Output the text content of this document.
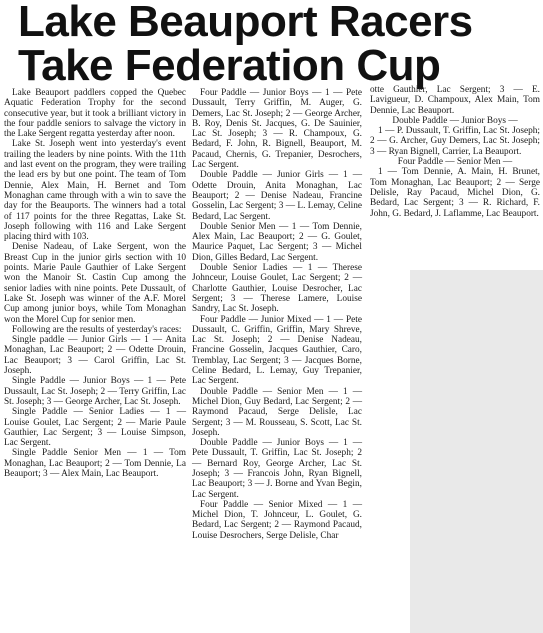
Lake Beauport Racers
Take Federation Cup

Lake Beauport paddlers copped the Quebec Aquatic Federation Trophy for the second consecutive year, but it took a brilliant victory in the four paddle seniors to salvage the victory in the Lake Sergent regatta yesterday after noon.

Lake St. Joseph went into yesterday's event trailing the leaders by nine points. With the 11th and last event on the program, they were trailing the lead ers by but one point. The team of Tom Dennie, Alex Main, H. Bernet and Tom Monaghan came through with a win to save the day for the Beauports. The winners had a total of 117 points for the three Regattas, Lake St. Joseph following with 116 and Lake Sergent placing third with 103.

Denise Nadeau, of Lake Sergent, won the Breast Cup in the junior girls section with 10 points. Marie Paule Gauthier of Lake Sergent won the Manoir St. Castin Cup among the senior ladies with nine points. Pete Dussault, of Lake St. Joseph was winner of the A.F. Morel Cup among junior boys, while Tom Monaghan won the Morel Cup for senior men.

Following are the results of yesterday's races:

Single paddle — Junior Girls — 1 — Anita Monaghan, Lac Beauport; 2 — Odette Drouin, Lac Beauport; 3 — Carol Griffin, Lac St. Joseph.

Single Paddle — Junior Boys — 1 — Pete Dussault, Lac St. Joseph; 2 — Terry Griffin, Lac St. Joseph; 3 — George Archer, Lac St. Joseph.

Single Paddle — Senior Ladies — 1 — Louise Goulet, Lac Sergent; 2 — Marie Paule Gauthier, Lac Sergent; 3 — Louise Simpson, Lac Sergent.

Single Paddle Senior Men — 1 — Tom Monaghan, Lac Beauport; 2 — Tom Dennie, La Beauport; 3 — Alex Main, Lac Beauport.

Four Paddle — Junior Boys — 1 — Pete Dussault, Terry Griffin, M. Auger, G. Demers, Lac St. Joseph; 2 — George Archer, B. Roy, Denis St. Jacques, G. De Sauinier, Lac St. Joseph; 3 — R. Champoux, G. Bedard, F. John, R. Bignell, Beauport, M. Pacaud, Chernis, G. Trepanier, Desrochers, Lac Sergent.

Double Paddle — Junior Girls — 1 — Odette Drouin, Anita Monaghan, Lac Beauport; 2 — Denise Nadeau, Francine Gosselin, Lac Sergent; 3 — L. Lemay, Celine Bedard, Lac Sergent.

Double Senior Men — 1 — Tom Dennie, Alex Main, Lac Beauport; 2 — G. Goulet, Maurice Paquet, Lac Sergent; 3 — Michel Dion, Gilles Bedard, Lac Sergent.

Double Senior Ladies — 1 — Therese Johnceur, Louise Goulet, Lac Sergent; 2 — Charlotte Gauthier, Louise Desrocher, Lac Sergent; 3 — Therese Lamere, Louise Sandry, Lac St. Joseph.

Four Paddle — Junior Mixed — 1 — Pete Dussault, C. Griffin, Griffin, Mary Shreve, Lac St. Joseph; 2 — Denise Nadeau, Francine Gosselin, Jacques Gauthier, Caro, Tremblay, Lac Sergent; 3 — Jacques Borne, Celine Bedard, L. Lemay, Guy Trepanier, Lac Sergent.

Double Paddle — Senior Men — 1 — Michel Dion, Guy Bedard, Lac Sergent; 2 — Raymond Pacaud, Serge Delisle, Lac Sergent; 3 — M. Rousseau, S. Scott, Lac St. Joseph.

Double Paddle — Junior Boys — 1 — Pete Dussault, T. Griffin, Lac St. Joseph; 2 — Bernard Roy, George Archer, Lac St. Joseph; 3 — Francois John, Ryan Bignell, Lac Beauport; 3 — J. Borne and Yvan Begin, Lac Sergent.

Four Paddle — Senior Mixed — 1 — Michel Dion, T. Johnceur, L. Goulet, G. Bedard, Lac Sergent; 2 — Raymond Pacaud, Louise Desrochers, Serge Delisle, Char

otte Gauthier, Lac Sergent; 3 — E. Lavigueur, D. Champoux, Alex Main, Tom Dennie, Lac Beauport.

Double Paddle — Junior Boys —

1 — P. Dussault, T. Griffin, Lac St. Joseph; 2 — G. Archer, Guy Demers, Lac St. Joseph; 3 — Ryan Bignell, Carrier, La Beauport.

Four Paddle — Senior Men —

1 — Tom Dennie, A. Main, H. Brunet, Tom Monaghan, Lac Beauport; 2 — Serge Delisle, Ray Pacaud, Michel Dion, G. Bedard, Lac Sergent; 3 — R. Richard, F. John, G. Bedard, J. Laflamme, Lac Beauport.
